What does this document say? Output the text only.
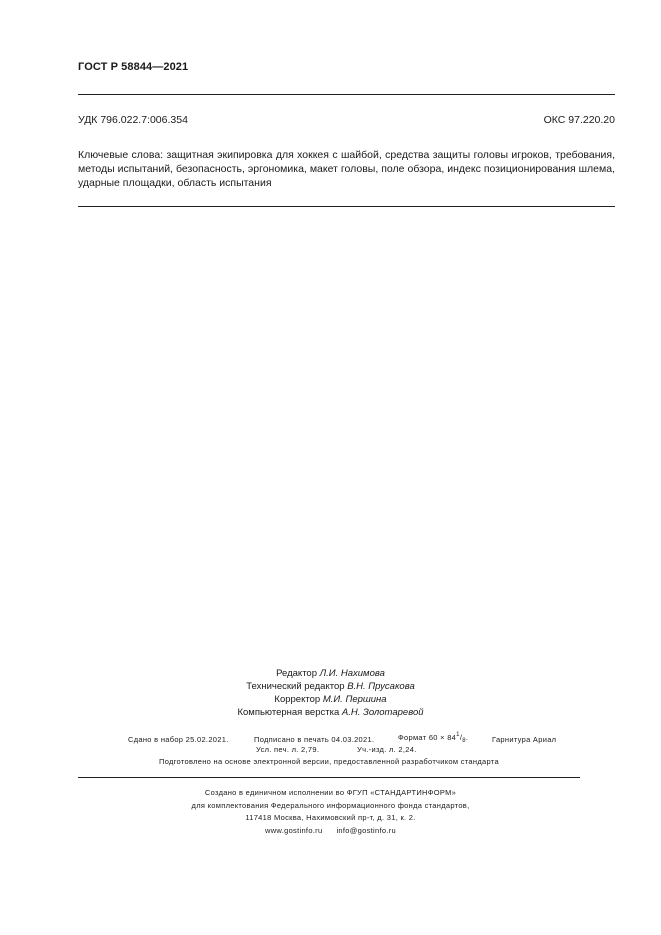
ГОСТ Р 58844—2021
УДК 796.022.7:006.354	ОКС 97.220.20
Ключевые слова: защитная экипировка для хоккея с шайбой, средства защиты головы игроков, требования, методы испытаний, безопасность, эргономика, макет головы, поле обзора, индекс позиционирования шлема, ударные площадки, область испытания
Редактор Л.И. Нахимова
Технический редактор В.Н. Прусакова
Корректор М.И. Першина
Компьютерная верстка А.Н. Золотаревой
Сдано в набор 25.02.2021.	Подписано в печать 04.03.2021.	Формат $60 \times 84^1/_8$.	Гарнитура Ариал
Усл. печ. л. 2,79.	Уч.-изд. л. 2,24.
Подготовлено на основе электронной версии, предоставленной разработчиком стандарта
Создано в единичном исполнении во ФГУП «СТАНДАРТИНФОРМ»
для комплектования Федерального информационного фонда стандартов,
117418 Москва, Нахимовский пр-т, д. 31, к. 2.
www.gostinfo.ru info@gostinfo.ru
